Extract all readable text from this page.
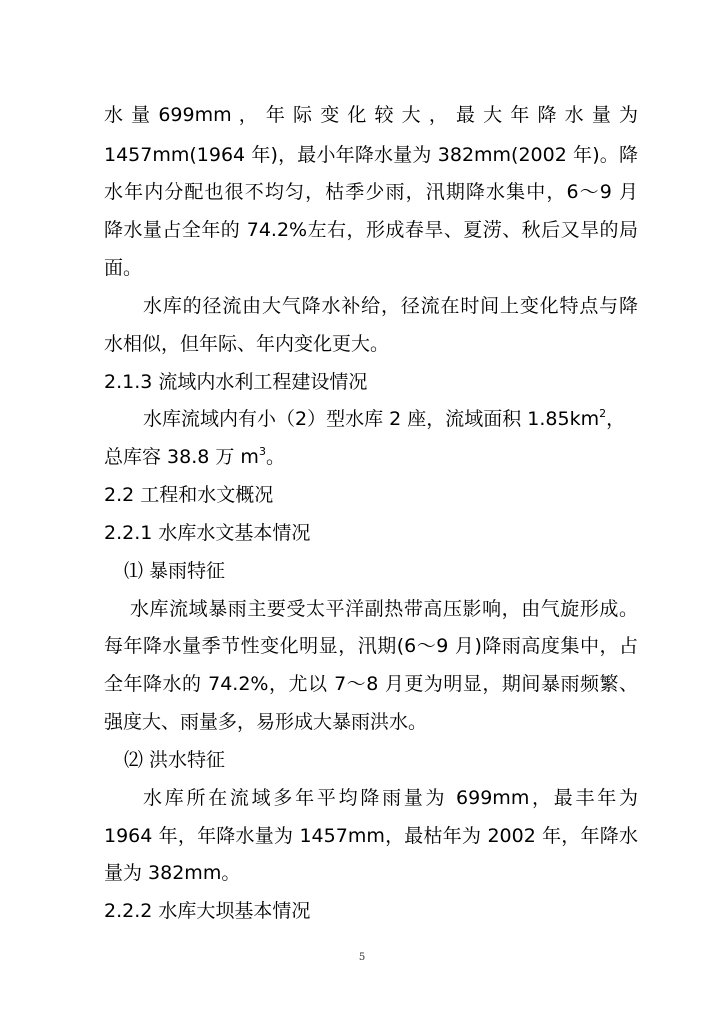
水 量 699mm ， 年 际 变 化 较 大 ， 最 大 年 降 水 量 为
1457mm(1964 年)，最小年降水量为 382mm(2002 年)。降
水年内分配也很不均匀，枯季少雨，汛期降水集中，6～9 月
降水量占全年的 74.2%左右，形成春旱、夏涝、秋后又旱的局
面。
水库的径流由大气降水补给，径流在时间上变化特点与降
水相似，但年际、年内变化更大。
2.1.3 流域内水利工程建设情况
水库流域内有小（2）型水库 2 座，流域面积 $1.85km^2$，
总库容 38.8 万 $m^3$。
2.2 工程和水文概况
2.2.1 水库水文基本情况
⑴ 暴雨特征
水库流域暴雨主要受太平洋副热带高压影响，由气旋形成。
每年降水量季节性变化明显，汛期(6～9 月)降雨高度集中，占
全年降水的 74.2%，尤以 7～8 月更为明显，期间暴雨频繁、
强度大、雨量多，易形成大暴雨洪水。
⑵ 洪水特征
水库所在流域多年平均降雨量为 699mm，最丰年为
1964 年，年降水量为 1457mm，最枯年为 2002 年，年降水
量为 382mm。
2.2.2 水库大坝基本情况
5
